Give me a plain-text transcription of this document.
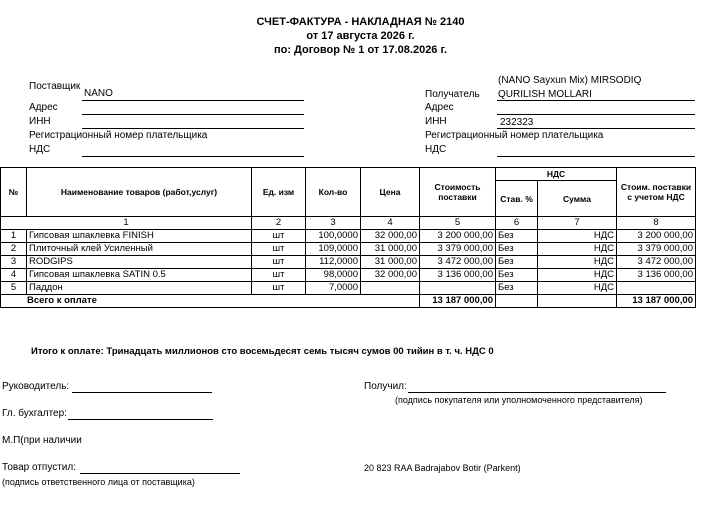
СЧЕТ-ФАКТУРА - НАКЛАДНАЯ № 2140
от 17 августа 2026 г.
по: Договор № 1 от 17.08.2026 г.
Поставщик
NANO
Адрес
ИНН
Регистрационный номер плательщика
НДС
(NANO Sayxun Mix) MIRSODIQ
Получатель QURILISH MOLLARI
Адрес
ИНН	232323
Регистрационный номер плательщика
НДС
№	Наименование товаров (работ,услуг)	Ед. изм	Кол-во	Цена	Стоимость поставки	НДС		Стоим. поставки с учетом НДС
						Став. %	Сумма	
1		2	3	4	5	6	7	8
1	Гипсовая шпаклевка FINISH	шт	100,0000	32 000,00	3 200 000,00	Без	НДС	3 200 000,00
2	Плиточный клей Усиленный	шт	109,0000	31 000,00	3 379 000,00	Без	НДС	3 379 000,00
3	RODGIPS	шт	112,0000	31 000,00	3 472 000,00	Без	НДС	3 472 000,00
4	Гипсовая шпаклевка SATIN 0.5	шт	98,0000	32 000,00	3 136 000,00	Без	НДС	3 136 000,00
5	Паддон	шт	7,0000			Без	НДС	
Всего к оплате					13 187 000,00			13 187 000,00
Итого к оплате: Тринадцать миллионов сто восемьдесят семь тысяч сумов 00 тийин в т. ч. НДС 0
Руководитель:
Гл. бухгалтер:
М.П(при наличии
Товар отпустил:
(подпись ответственного лица от поставщика)
Получил:
(подпись покупателя или уполномоченного представителя)
20 823 RAA Badrajabov Botir (Parkent)
